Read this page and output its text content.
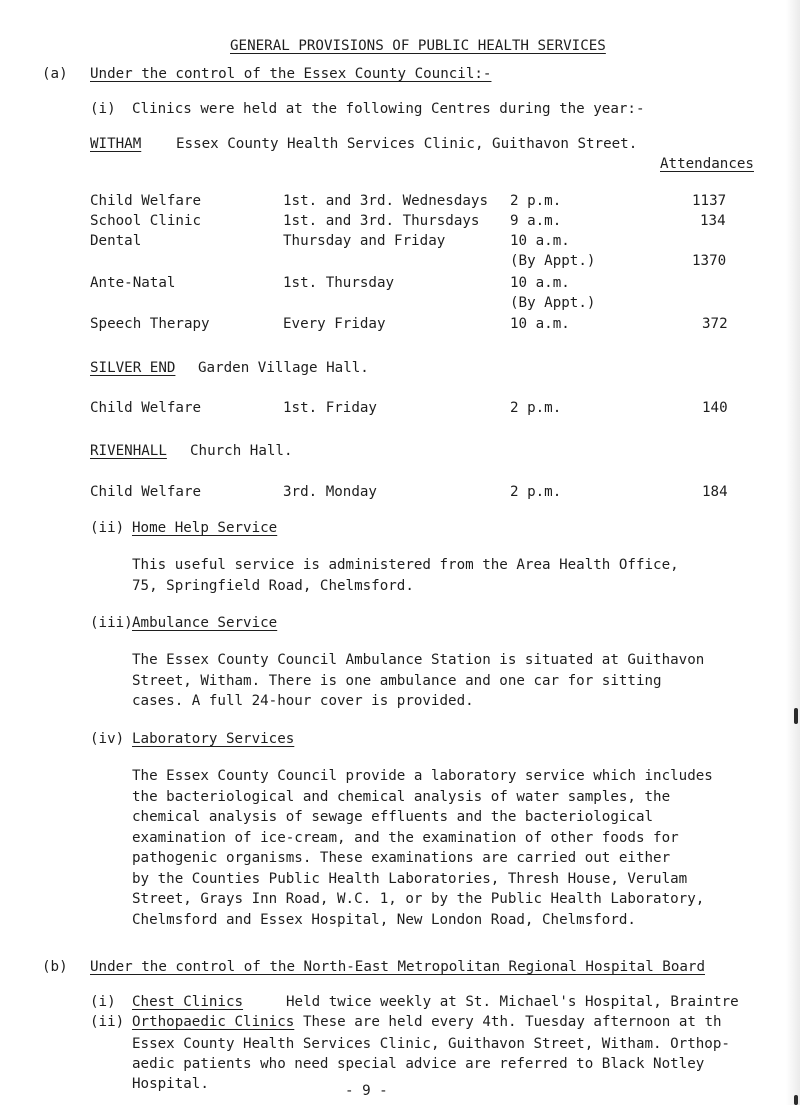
GENERAL PROVISIONS OF PUBLIC HEALTH SERVICES
(a) Under the control of the Essex County Council:-
(i) Clinics were held at the following Centres during the year:-
WITHAM Essex County Health Services Clinic, Guithavon Street.
Attendances
Child Welfare	1st. and 3rd. Wednesdays 2 p.m.	1137
School Clinic	1st. and 3rd. Thursdays 9 a.m.	134
Dental	Thursday and Friday	10 a.m.
(By Appt.)	1370
Ante-Natal	1st. Thursday	10 a.m.
(By Appt.)
Speech Therapy	Every Friday	10 a.m.	372
SILVER END Garden Village Hall.
Child Welfare	1st. Friday	2 p.m.	140
RIVENHALL Church Hall.
Child Welfare	3rd. Monday	2 p.m.	184
(ii) Home Help Service
This useful service is administered from the Area Health Office,
75, Springfield Road, Chelmsford.
(iii) Ambulance Service
The Essex County Council Ambulance Station is situated at Guithavon
Street, Witham. There is one ambulance and one car for sitting
cases. A full 24-hour cover is provided.
(iv) Laboratory Services
The Essex County Council provide a laboratory service which includes
the bacteriological and chemical analysis of water samples, the
chemical analysis of sewage effluents and the bacteriological
examination of ice-cream, and the examination of other foods for
pathogenic organisms. These examinations are carried out either
by the Counties Public Health Laboratories, Thresh House, Verulam
Street, Grays Inn Road, W.C. 1, or by the Public Health Laboratory,
Chelmsford and Essex Hospital, New London Road, Chelmsford.
(b) Under the control of the North-East Metropolitan Regional Hospital Board
(i) Chest Clinics	Held twice weekly at St. Michael's Hospital, Braintre
(ii) Orthopaedic Clinics These are held every 4th. Tuesday afternoon at th
Essex County Health Services Clinic, Guithavon Street, Witham. Orthop-
aedic patients who need special advice are referred to Black Notley
Hospital.	- 9 -
